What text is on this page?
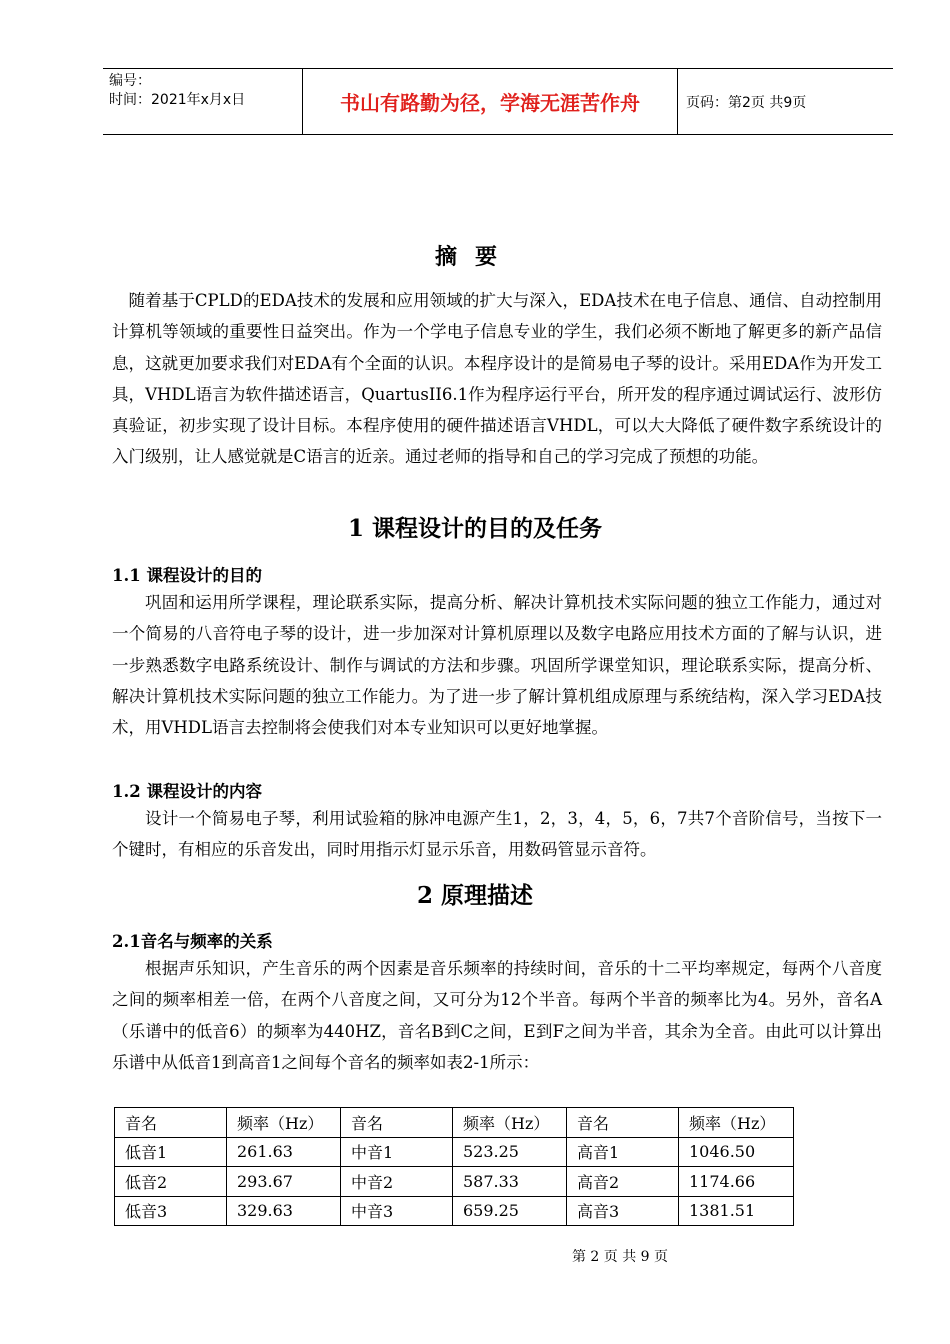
编号：
时间：2021年x月x日	书山有路勤为径，学海无涯苦作舟	页码：第2页 共9页
摘要

随着基于CPLD的EDA技术的发展和应用领域的扩大与深入，EDA技术在电子信息、通信、自动控制用计算机等领域的重要性日益突出。作为一个学电子信息专业的学生，我们必须不断地了解更多的新产品信息，这就更加要求我们对EDA有个全面的认识。本程序设计的是简易电子琴的设计。采用EDA作为开发工具，VHDL语言为软件描述语言，QuartusII6.1作为程序运行平台，所开发的程序通过调试运行、波形仿真验证，初步实现了设计目标。本程序使用的硬件描述语言VHDL，可以大大降低了硬件数字系统设计的入门级别，让人感觉就是C语言的近亲。通过老师的指导和自己的学习完成了预想的功能。

1 课程设计的目的及任务
1.1 课程设计的目的

巩固和运用所学课程，理论联系实际，提高分析、解决计算机技术实际问题的独立工作能力，通过对一个简易的八音符电子琴的设计，进一步加深对计算机原理以及数字电路应用技术方面的了解与认识，进一步熟悉数字电路系统设计、制作与调试的方法和步骤。巩固所学课堂知识，理论联系实际，提高分析、解决计算机技术实际问题的独立工作能力。为了进一步了解计算机组成原理与系统结构，深入学习EDA技术，用VHDL语言去控制将会使我们对本专业知识可以更好地掌握。

1.2 课程设计的内容

设计一个简易电子琴，利用试验箱的脉冲电源产生1，2，3，4，5，6，7共7个音阶信号，当按下一个键时，有相应的乐音发出，同时用指示灯显示乐音，用数码管显示音符。

2 原理描述
2.1音名与频率的关系

根据声乐知识，产生音乐的两个因素是音乐频率的持续时间，音乐的十二平均率规定，每两个八音度之间的频率相差一倍，在两个八音度之间，又可分为12个半音。每两个半音的频率比为4。另外，音名A（乐谱中的低音6）的频率为440HZ，音名B到C之间，E到F之间为半音，其余为全音。由此可以计算出乐谱中从低音1到高音1之间每个音名的频率如表2-1所示：

音名	频率（Hz）	音名	频率（Hz）	音名	频率（Hz）
低音1	261.63	中音1	523.25	高音1	1046.50
低音2	293.67	中音2	587.33	高音2	1174.66
低音3	329.63	中音3	659.25	高音3	1381.51
第 2 页 共 9 页
